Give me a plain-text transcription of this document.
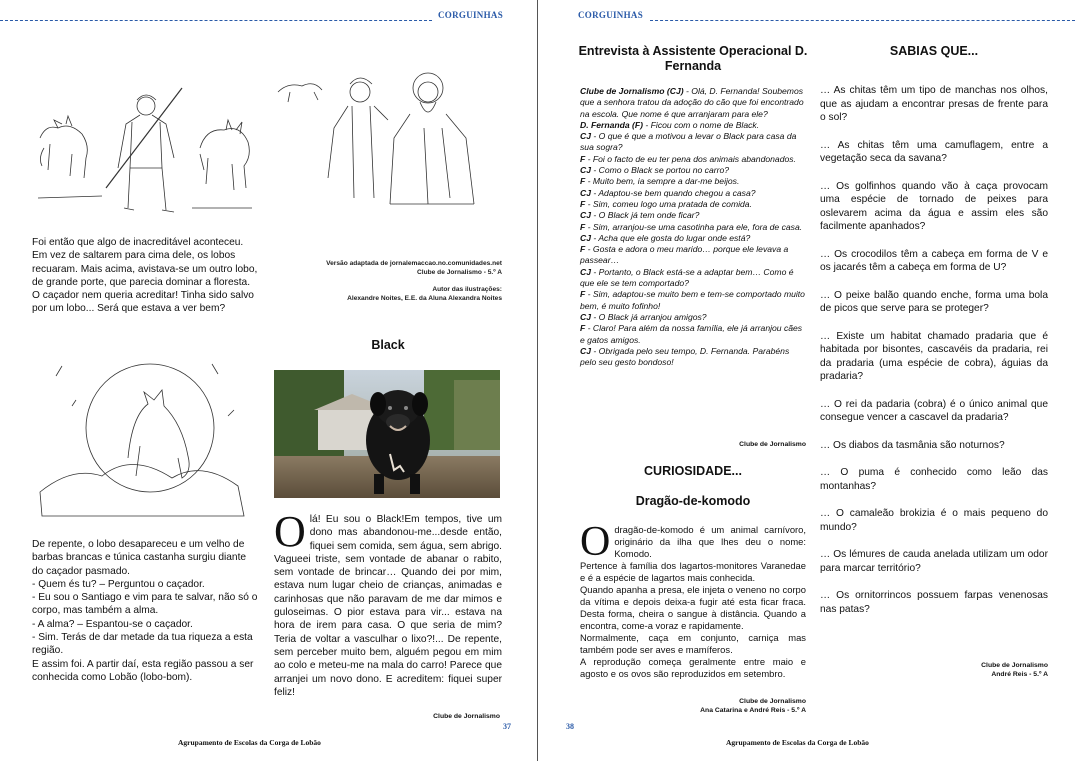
CORGUINHAS

Foi então que algo de inacreditável aconteceu. Em vez de saltarem para cima dele, os lobos recuaram. Mais acima, avistava-se um outro lobo, de grande porte, que parecia dominar a floresta. O caçador nem queria acreditar! Tinha sido salvo por um lobo... Será que estava a ver bem?

Versão adaptada de jornalemaccao.no.comunidades.net
Clube de Jornalismo - 5.º A
Autor das ilustrações:
Alexandre Noites, E.E. da Aluna Alexandra Noites
Black

De repente, o lobo desapareceu e um velho de barbas brancas e túnica castanha surgiu diante do caçador pasmado.

- Quem és tu? – Perguntou o caçador.

- Eu sou o Santiago e vim para te salvar, não só o corpo, mas também a alma.

- A alma? – Espantou-se o caçador.

- Sim. Terás de dar metade da tua riqueza a esta região.

E assim foi. A partir daí, esta região passou a ser conhecida como Lobão (lobo-bom).

Olá! Eu sou o Black!Em tempos, tive um dono mas abandonou-me...desde então, fiquei sem comida, sem água, sem abrigo. Vagueei triste, sem vontade de abanar o rabito, sem vontade de brincar… Quando dei por mim, estava num lugar cheio de crianças, animadas e carinhosas que não paravam de me dar mimos e guloseimas. O pior estava para vir... estava na hora de irem para casa. O que seria de mim? Teria de voltar a vasculhar o lixo?!... De repente, sem perceber muito bem, alguém pegou em mim ao colo e meteu-me na mala do carro! Parece que arranjei um novo dono. E acreditem: fiquei super feliz!
Clube de Jornalismo
37
Agrupamento de Escolas da Corga de Lobão
CORGUINHAS
Entrevista à Assistente Operacional D. Fernanda
Clube de Jornalismo (CJ) - Olá, D. Fernanda! Soubemos que a senhora tratou da adoção do cão que foi encontrado na escola. Que nome é que arranjaram para ele?
D. Fernanda (F) - Ficou com o nome de Black.
CJ - O que é que a motivou a levar o Black para casa da sua sogra?
F - Foi o facto de eu ter pena dos animais abandonados.
CJ - Como o Black se portou no carro?
F - Muito bem, ia sempre a dar-me beijos.
CJ - Adaptou-se bem quando chegou a casa?
F - Sim, comeu logo uma pratada de comida.
CJ - O Black já tem onde ficar?
F - Sim, arranjou-se uma casotinha para ele, fora de casa.
CJ - Acha que ele gosta do lugar onde está?
F - Gosta e adora o meu marido… porque ele levava a passear…
CJ - Portanto, o Black está-se a adaptar bem… Como é que ele se tem comportado?
F - Sim, adaptou-se muito bem e tem-se comportado muito bem, é muito fofinho!
CJ - O Black já arranjou amigos?
F - Claro! Para além da nossa família, ele já arranjou cães e gatos amigos.
CJ - Obrigada pelo seu tempo, D. Fernanda. Parabéns pelo seu gesto bondoso!
Clube de Jornalismo
CURIOSIDADE...
Dragão-de-komodo
Odragão-de-komodo é um animal carnívoro, originário da ilha que lhes deu o nome: Komodo.

Pertence à família dos lagartos-monitores Varanedae e é a espécie de lagartos mais conhecida.

Quando apanha a presa, ele injeta o veneno no corpo da vítima e depois deixa-a fugir até esta ficar fraca. Desta forma, cheira o sangue à distância. Quando a encontra, come-a voraz e rapidamente.

Normalmente, caça em conjunto, carniça mas também pode ser aves e mamíferos.

A reprodução começa geralmente entre maio e agosto e os ovos são reproduzidos em setembro.

Clube de Jornalismo
Ana Catarina e André Reis - 5.º A
SABIAS QUE...

… As chitas têm um tipo de manchas nos olhos, que as ajudam a encontrar presas de frente para o sol?

… As chitas têm uma camuflagem, entre a vegetação seca da savana?

… Os golfinhos quando vão à caça provocam uma espécie de tornado de peixes para oslevarem acima da água e assim eles são facilmente apanhados?

… Os crocodilos têm a cabeça em forma de V e os jacarés têm a cabeça em forma de U?

… O peixe balão quando enche, forma uma bola de picos que serve para se proteger?

… Existe um habitat chamado pradaria que é habitada por bisontes, cascavéis da pradaria, rei da pradaria (uma espécie de cobra), águias da pradaria?

… O rei da padaria (cobra) é o único animal que consegue vencer a cascavel da pradaria?

… Os diabos da tasmânia são noturnos?

… O puma é conhecido como leão das montanhas?

… O camaleão brokizia é o mais pequeno do mundo?

… Os lémures de cauda anelada utilizam um odor para marcar território?

… Os ornitorrincos possuem farpas venenosas nas patas?

Clube de Jornalismo
André Reis - 5.º A
38
Agrupamento de Escolas da Corga de Lobão
